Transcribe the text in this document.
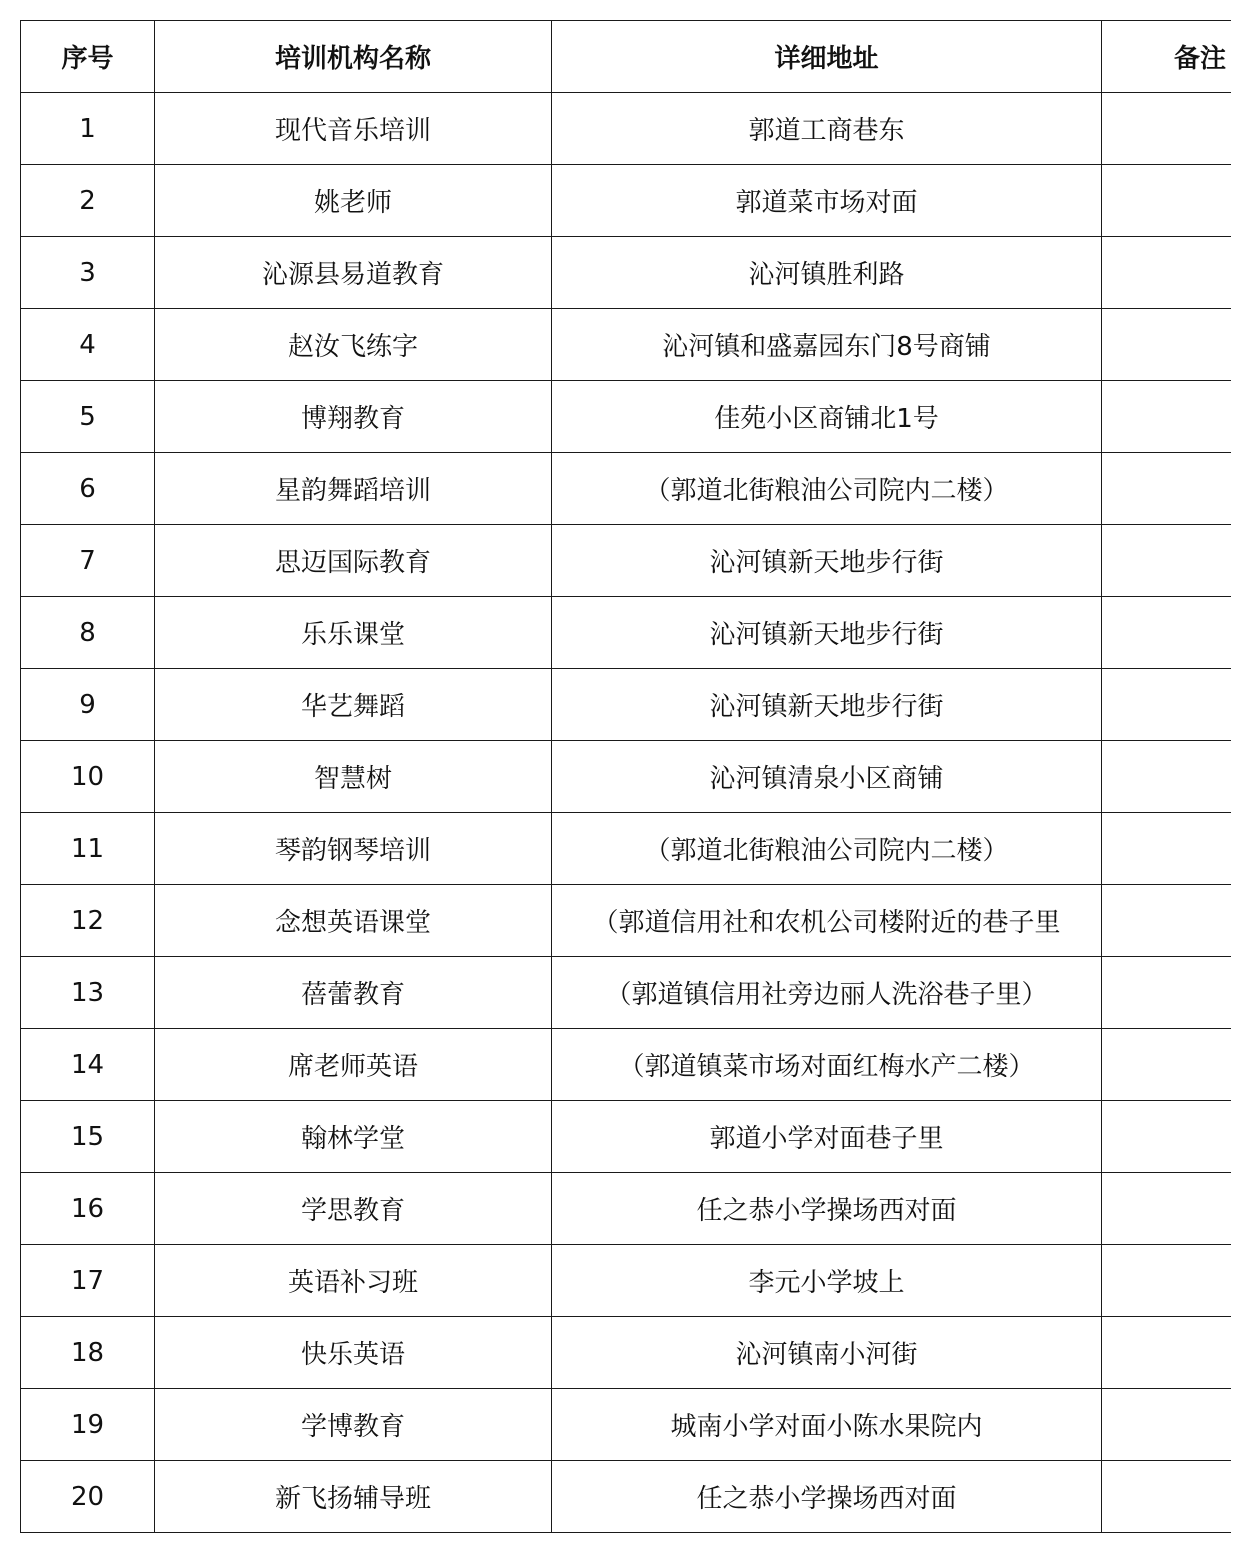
序号	培训机构名称	详细地址	备注
1	现代音乐培训	郭道工商巷东	
2	姚老师	郭道菜市场对面	
3	沁源县易道教育	沁河镇胜利路	
4	赵汝飞练字	沁河镇和盛嘉园东门8号商铺	
5	博翔教育	佳苑小区商铺北1号	
6	星韵舞蹈培训	（郭道北街粮油公司院内二楼）	
7	思迈国际教育	沁河镇新天地步行街	
8	乐乐课堂	沁河镇新天地步行街	
9	华艺舞蹈	沁河镇新天地步行街	
10	智慧树	沁河镇清泉小区商铺	
11	琴韵钢琴培训	（郭道北街粮油公司院内二楼）	
12	念想英语课堂	（郭道信用社和农机公司楼附近的巷子里	
13	蓓蕾教育	（郭道镇信用社旁边丽人洗浴巷子里）	
14	席老师英语	（郭道镇菜市场对面红梅水产二楼）	
15	翰林学堂	郭道小学对面巷子里	
16	学思教育	任之恭小学操场西对面	
17	英语补习班	李元小学坡上	
18	快乐英语	沁河镇南小河街	
19	学博教育	城南小学对面小陈水果院内	
20	新飞扬辅导班	任之恭小学操场西对面	
